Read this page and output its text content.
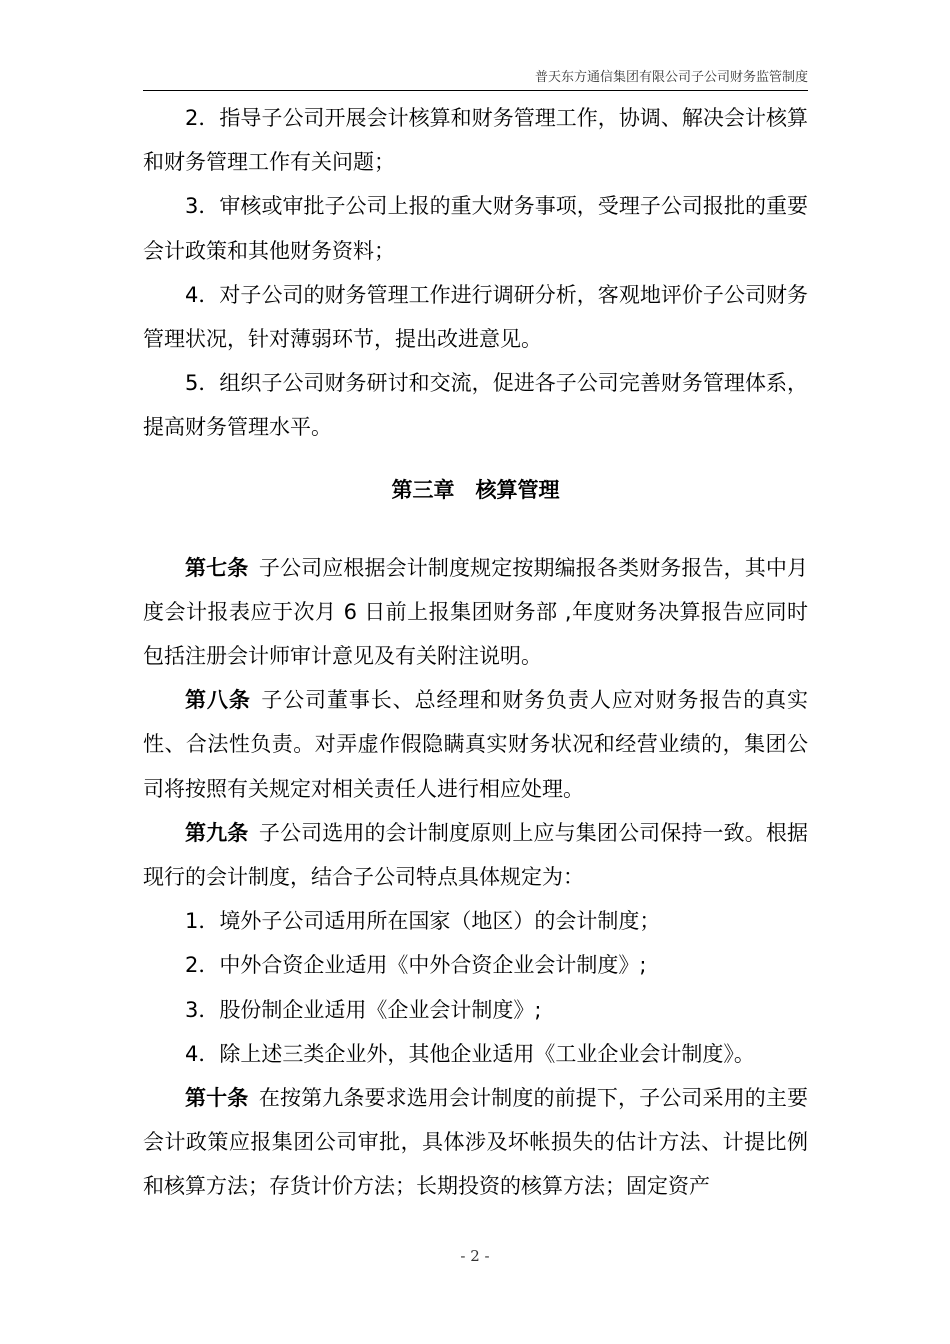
普天东方通信集团有限公司子公司财务监管制度

2．指导子公司开展会计核算和财务管理工作，协调、解决会计核算和财务管理工作有关问题；

3．审核或审批子公司上报的重大财务事项，受理子公司报批的重要会计政策和其他财务资料；

4．对子公司的财务管理工作进行调研分析，客观地评价子公司财务管理状况，针对薄弱环节，提出改进意见。

5．组织子公司财务研讨和交流，促进各子公司完善财务管理体系，提高财务管理水平。

第三章 核算管理

第七条 子公司应根据会计制度规定按期编报各类财务报告，其中月度会计报表应于次月 6 日前上报集团财务部 ,年度财务决算报告应同时包括注册会计师审计意见及有关附注说明。

第八条 子公司董事长、总经理和财务负责人应对财务报告的真实性、合法性负责。对弄虚作假隐瞒真实财务状况和经营业绩的，集团公司将按照有关规定对相关责任人进行相应处理。

第九条 子公司选用的会计制度原则上应与集团公司保持一致。根据现行的会计制度，结合子公司特点具体规定为：

1．境外子公司适用所在国家（地区）的会计制度；

2．中外合资企业适用《中外合资企业会计制度》;

3．股份制企业适用《企业会计制度》;

4．除上述三类企业外，其他企业适用《工业企业会计制度》。

第十条 在按第九条要求选用会计制度的前提下，子公司采用的主要会计政策应报集团公司审批，具体涉及坏帐损失的估计方法、计提比例和核算方法；存货计价方法；长期投资的核算方法；固定资产

- 2 -
